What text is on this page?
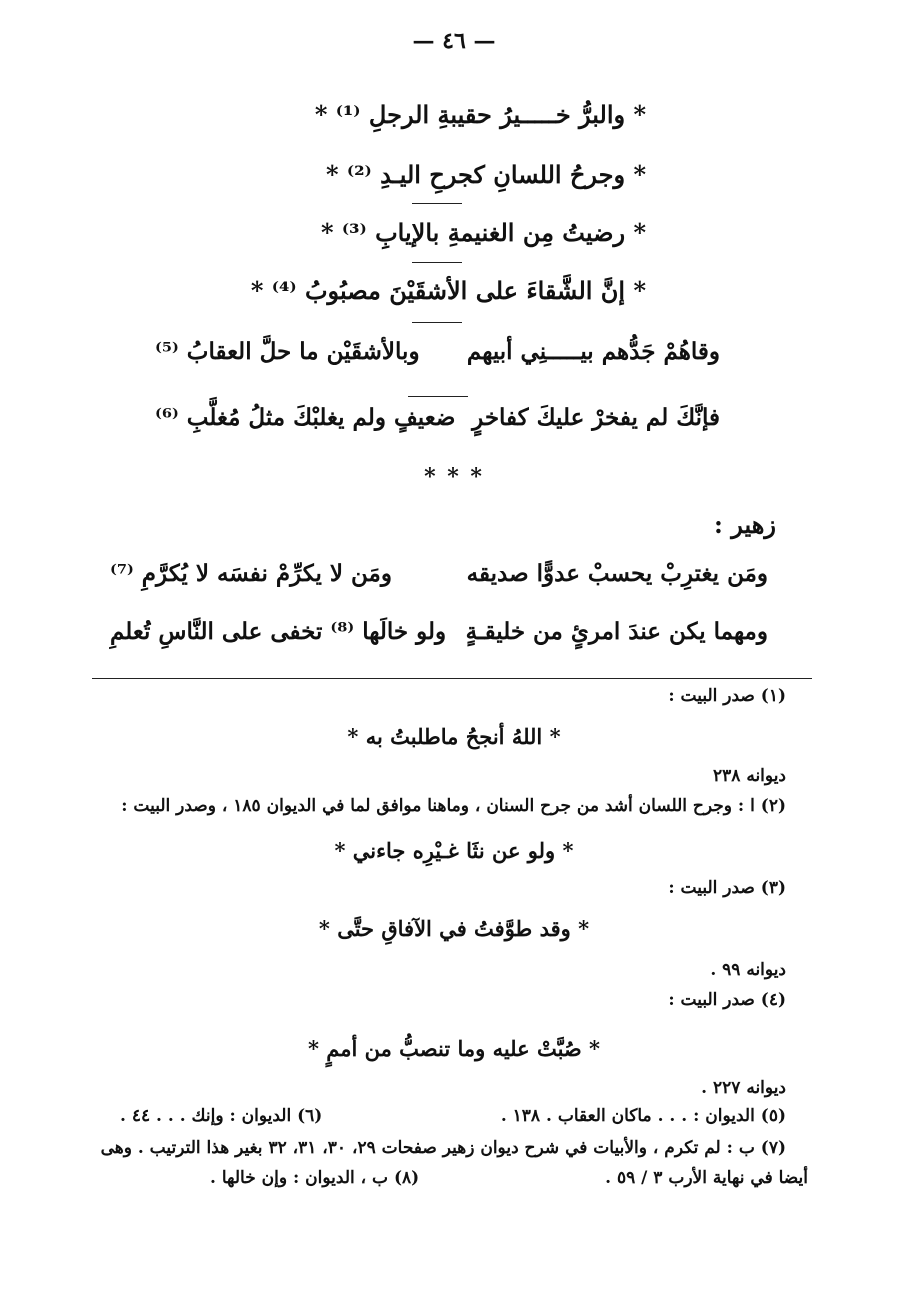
— ٤٦ —
* والبرُّ خـــــيرُ حقيبةِ الرجلِ ⁽¹⁾ *
* وجرحُ اللسانِ كجرحِ اليـدِ ⁽²⁾ *
* رضيتُ مِن الغنيمةِ بالإيابِ ⁽³⁾ *
* إنَّ الشَّقاءَ على الأشقَيْنَ مصبُوبُ ⁽⁴⁾ *
وقاهُمْ جَدُّهم بيـــــنِي أبيهم
وبالأشقَيْن ما حلَّ العقابُ ⁽⁵⁾
فإنَّكَ لم يفخرْ عليكَ كفاخرٍ
ضعيفٍ ولم يغلبْكَ مثلُ مُغلَّبِ ⁽⁶⁾
* * *
زهير :
ومَن يغترِبْ يحسبْ عدوًّا صديقه
ومَن لا يكرِّمْ نفسَه لا يُكرَّمِ ⁽⁷⁾
ومهما يكن عندَ امرئٍ من خليقـةٍ
ولو خالَها ⁽⁸⁾ تخفى على النَّاسِ تُعلمِ
(١) صدر البيت :
* اللهُ أنجحُ ماطلبتُ به *
ديوانه ٢٣٨
(٢) ا : وجرح اللسان أشد من جرح السنان ، وماهنا موافق لما في الديوان ١٨٥ ، وصدر البيت :
* ولو عن نثَا غـيْرِه جاءني *
(٣) صدر البيت :
* وقد طوَّفتُ في الآفاقِ حتَّى *
ديوانه ٩٩ .
(٤) صدر البيت :
* صُبَّتْ عليه وما تنصبُّ من أممٍ *
ديوانه ٢٢٧ .
(٥) الديوان : . . . ماكان العقاب . ١٣٨ .
(٦) الديوان : وإنك . . . ٤٤ .
(٧) ب : لم تكرم ، والأبيات في شرح ديوان زهير صفحات ٢٩، ٣٠، ٣١، ٣٢ بغير هذا الترتيب . وهى
أيضا في نهاية الأرب ٣ / ٥٩ .
(٨) ب ، الديوان : وإن خالها .
